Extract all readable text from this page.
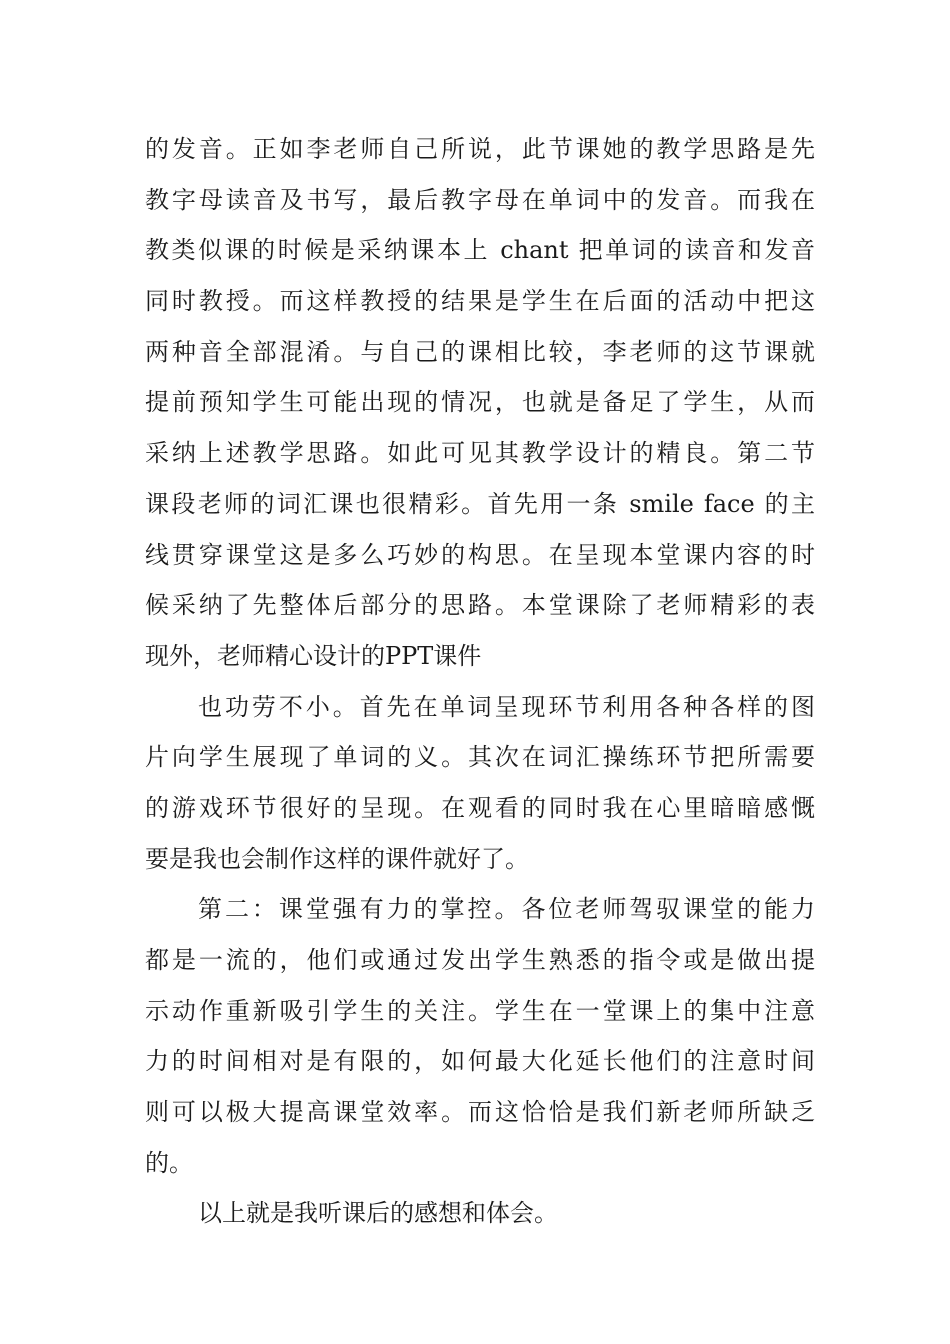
的发音。正如李老师自己所说，此节课她的教学思路是先
教字母读音及书写，最后教字母在单词中的发音。而我在
教类似课的时候是采纳课本上 chant 把单词的读音和发音
同时教授。而这样教授的结果是学生在后面的活动中把这
两种音全部混淆。与自己的课相比较，李老师的这节课就
提前预知学生可能出现的情况，也就是备足了学生，从而
采纳上述教学思路。如此可见其教学设计的精良。第二节
课段老师的词汇课也很精彩。首先用一条 smile face 的主
线贯穿课堂这是多么巧妙的构思。在呈现本堂课内容的时
候采纳了先整体后部分的思路。本堂课除了老师精彩的表
现外，老师精心设计的PPT课件
也功劳不小。首先在单词呈现环节利用各种各样的图
片向学生展现了单词的义。其次在词汇操练环节把所需要
的游戏环节很好的呈现。在观看的同时我在心里暗暗感慨
要是我也会制作这样的课件就好了。
第二：课堂强有力的掌控。各位老师驾驭课堂的能力
都是一流的，他们或通过发出学生熟悉的指令或是做出提
示动作重新吸引学生的关注。学生在一堂课上的集中注意
力的时间相对是有限的，如何最大化延长他们的注意时间
则可以极大提高课堂效率。而这恰恰是我们新老师所缺乏
的。
以上就是我听课后的感想和体会。
